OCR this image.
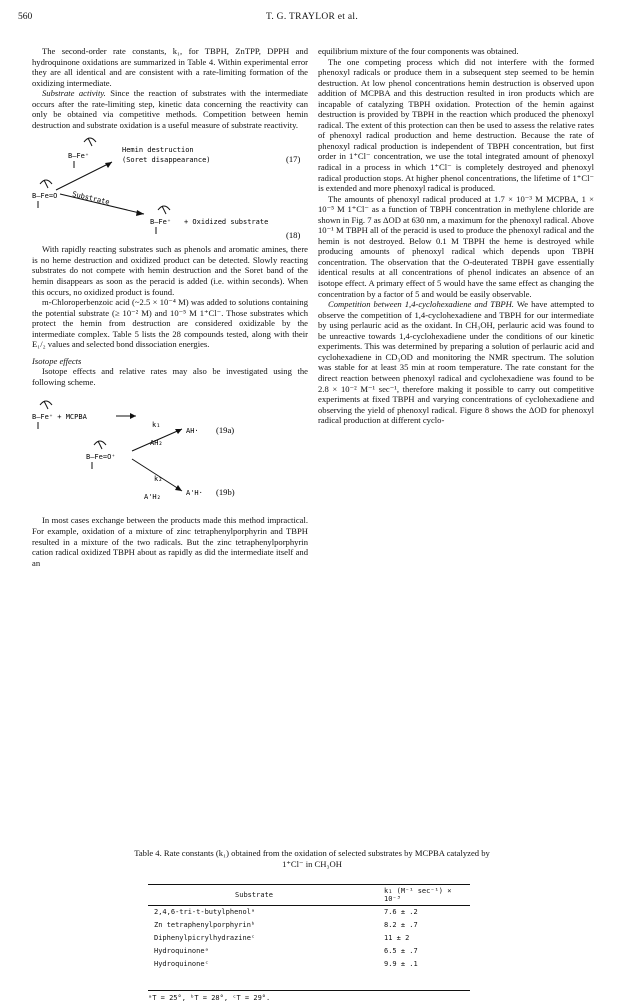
560	T. G. TRAYLOR et al.

The second-order rate constants, k₁, for TBPH, ZnTPP, DPPH and hydroquinone oxidations are summarized in Table 4. Within experimental error they are all identical and are consistent with a rate-limiting formation of the oxidizing intermediate.

Substrate activity. Since the reaction of substrates with the intermediate occurs after the rate-limiting step, kinetic data concerning the reactivity can only be obtained via competitive methods. Competition between hemin destruction and substrate oxidation is a useful measure of substrate reactivity.

B—Fe⁺
Hemin destruction
(Soret disappearance)	(17)
B—Fe=O Substrate
B—Fe⁺ + Oxidized substrate
(18)

With rapidly reacting substrates such as phenols and aromatic amines, there is no heme destruction and oxidized product can be detected. Slowly reacting substrates do not compete with hemin destruction and the Soret band of the hemin disappears as soon as the peracid is added (i.e. within seconds). When this occurs, no oxidized product is found.

m-Chloroperbenzoic acid (~2.5 × 10⁻⁴ M) was added to solutions containing the potential substrate (≥ 10⁻² M) and 10⁻⁵ M 1⁺Cl⁻. Those substrates which protect the hemin from destruction are considered oxidizable by the intermediate complex. Table 5 lists the 28 compounds tested, along with their E₁/₂ values and selected bond dissociation energies.

Isotope effects

Isotope effects and relative rates may also be investigated using the following scheme.

B—Fe⁺ + MCPBA
B—Fe=O⁺
k₁
AH₂
AH· (19a)
k₂
A'H₂	A'H· (19b)

In most cases exchange between the products made this method impractical. For example, oxidation of a mixture of zinc tetraphenylporphyrin and TBPH resulted in a mixture of the two radicals. But the zinc tetraphenylporphyrin cation radical oxidized TBPH about as rapidly as did the intermediate itself and an

equilibrium mixture of the four components was obtained.

The one competing process which did not interfere with the formed phenoxyl radicals or produce them in a subsequent step seemed to be hemin destruction. At low phenol concentrations hemin destruction is observed upon addition of MCPBA and this destruction resulted in iron products which are incapable of catalyzing TBPH oxidation. Protection of the hemin against destruction is provided by TBPH in the reaction which produced the phenoxyl radical. The extent of this protection can then be used to assess the relative rates of phenoxyl radical production and heme destruction. Because the rate of phenoxyl radical production is independent of TBPH concentration, but first order in 1⁺Cl⁻ concentration, we use the total integrated amount of phenoxyl radical in a process in which 1⁺Cl⁻ is completely destroyed and phenoxyl radical production stops. At higher phenol concentrations, the lifetime of 1⁺Cl⁻ is extended and more phenoxyl radical is produced.

The amounts of phenoxyl radical produced at 1.7 × 10⁻³ M MCPBA, 1 × 10⁻⁵ M 1⁺Cl⁻ as a function of TBPH concentration in methylene chloride are shown in Fig. 7 as ΔOD at 630 nm, a maximum for the phenoxyl radical. Above 10⁻¹ M TBPH all of the peracid is used to produce the phenoxyl radical and the hemin is not destroyed. Below 0.1 M TBPH the heme is destroyed while producing amounts of phenoxyl radical which depends upon TBPH concentration. The observation that the O-deuterated TBPH gave essentially identical results at all concentrations of phenol indicates an absence of an isotope effect. A primary effect of 5 would have the same effect as changing the concentration by a factor of 5 and would be easily observable.

Competition between 1,4-cyclohexadiene and TBPH. We have attempted to observe the competition of 1,4-cyclohexadiene and TBPH for our intermediate by using perlauric acid as the oxidant. In CH₃OH, perlauric acid was found to be unreactive towards 1,4-cyclohexadiene under the conditions of our kinetic experiments. This was determined by preparing a solution of perlauric acid and cyclohexadiene in CD₃OD and monitoring the NMR spectrum. The solution was stable for at least 35 min at room temperature. The rate constant for the direct reaction between phenoxyl radical and cyclohexadiene was found to be 2.8 × 10⁻² M⁻¹ sec⁻¹, therefore making it possible to carry out competitive experiments at fixed TBPH and varying concentrations of cyclohexadiene and observing the yield of phenoxyl radical. Figure 8 shows the ΔOD for phenoxyl radical production at different cyclo-

Table 4. Rate constants (k₁) obtained from the oxidation of selected substrates by MCPBA catalyzed by
1⁺Cl⁻ in CH₃OH
Substrate	k₁ (M⁻¹ sec⁻¹) × 10⁻³
2,4,6-tri-t-butylphenolᵃ	7.6 ± .2
Zn tetraphenylporphyrinᵇ	8.2 ± .7
Diphenylpicrylhydrazineᶜ	11 ± 2
Hydroquinoneᵃ	6.5 ± .7
Hydroquinoneᶜ	9.9 ± .1
ᵃT = 25°, ᵇT = 28°, ᶜT = 29°.
